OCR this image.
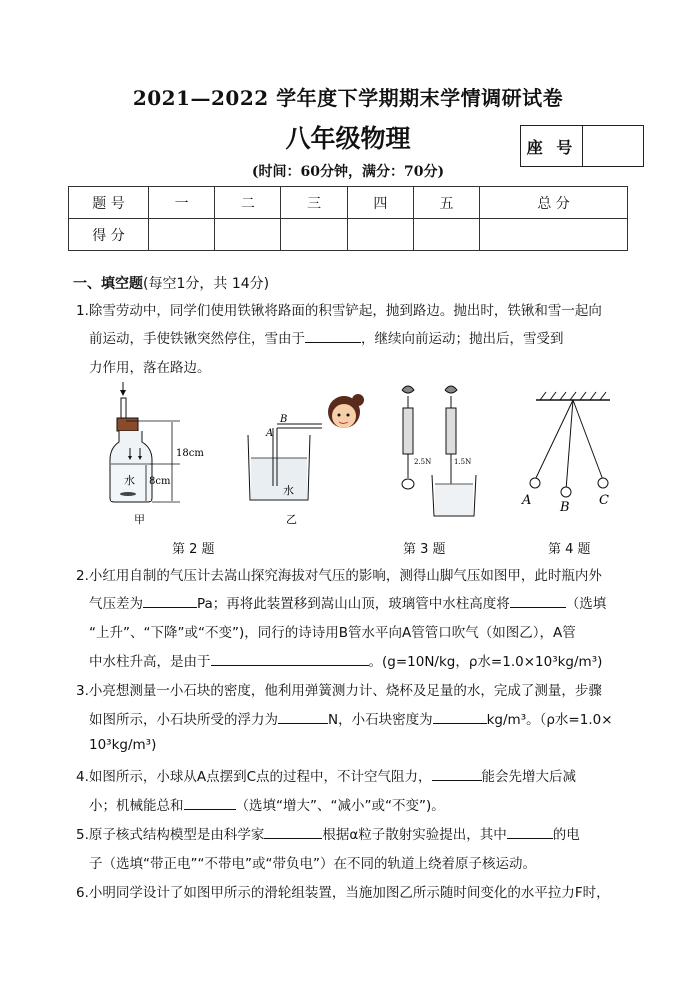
2021—2022 学年度下学期期末学情调研试卷
八年级物理
(时间：60分钟，满分：70分)
座 号
题 号	一	二	三	四	五	总 分
得 分						
一、填空题(每空1分，共 14分)
1.除雪劳动中，同学们使用铁锹将路面的积雪铲起，抛到路边。抛出时，铁锹和雪一起向
前运动，手使铁锹突然停住，雪由于	，继续向前运动；抛出后，雪受到
力作用，落在路边。
水
18cm
8cm
甲
A
B
水
乙
2.5N	1.5N
A B C
第 2 题	第 3 题	第 4 题
2.小红用自制的气压计去嵩山探究海拔对气压的影响，测得山脚气压如图甲，此时瓶内外
气压差为	Pa；再将此装置移到嵩山山顶，玻璃管中水柱高度将	（选填
“上升”、“下降”或“不变”)，同行的诗诗用B管水平向A管管口吹气（如图乙），A管
中水柱升高，是由于	。(g=10N/kg，ρ水=1.0×10³kg/m³)
3.小亮想测量一小石块的密度，他利用弹簧测力计、烧杯及足量的水，完成了测量，步骤
如图所示，小石块所受的浮力为	N，小石块密度为	kg/m³。（ρ水=1.0×
10³kg/m³)
4.如图所示，小球从A点摆到C点的过程中，不计空气阻力，	能会先增大后减
小；机械能总和	（选填“增大”、“减小”或“不变”)。
5.原子核式结构模型是由科学家	根据α粒子散射实验提出，其中	的电
子（选填“带正电”“不带电”或“带负电”）在不同的轨道上绕着原子核运动。
6.小明同学设计了如图甲所示的滑轮组装置，当施加图乙所示随时间变化的水平拉力F时，
